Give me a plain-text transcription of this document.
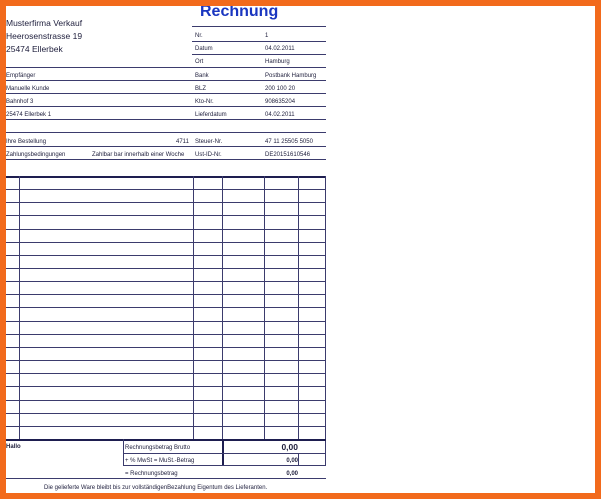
Absender
Musterfirma Verkauf
Heerosenstrasse 19
25474 Ellerbek
Rechnung
Nr.	1
Datum	04.02.2011
Ort	Hamburg
Bank	Postbank Hamburg
BLZ	200 100 20
Kto-Nr.	908635204
Lieferdatum	04.02.2011
Empfänger
Manuelle Kunde
Bahnhof 3
25474 Ellerbek 1
Ihre Bestellung	4711 Steuer-Nr.	47 11 25505 5050
Zahlungsbedingungen	Zahlbar bar innerhalb einer Woche Ust-ID-Nr.	DE20151610546
Hallo	Rechnungsbetrag Brutto	0,00
+ % MwSt = MuSt.-Betrag	0,00
= Rechnungsbetrag	0,00
Die gelieferte Ware bleibt bis zur vollständigenBezahlung Eigentum des Lieferanten.
